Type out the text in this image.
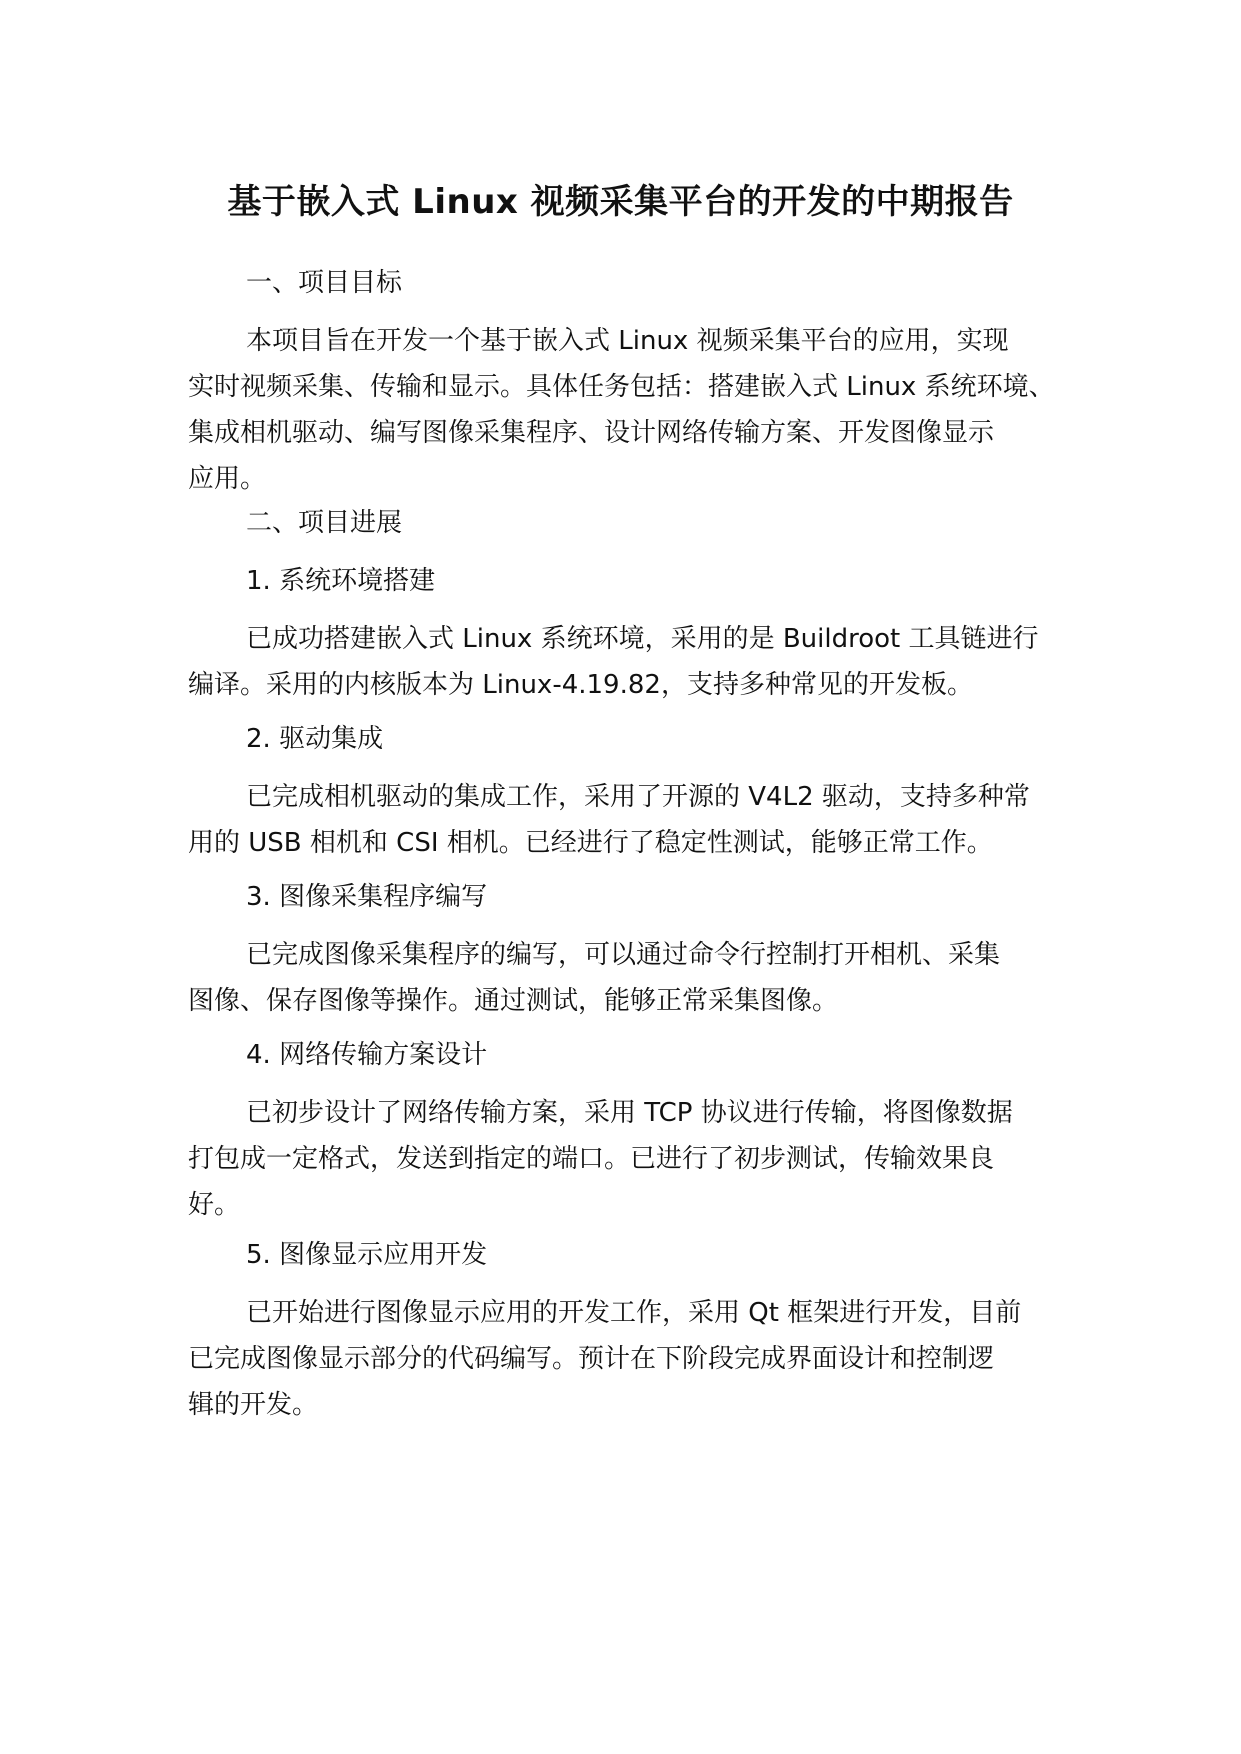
基于嵌入式 Linux 视频采集平台的开发的中期报告

一、项目目标

本项目旨在开发一个基于嵌入式 Linux 视频采集平台的应用，实现
实时视频采集、传输和显示。具体任务包括：搭建嵌入式 Linux 系统环境、
集成相机驱动、编写图像采集程序、设计网络传输方案、开发图像显示
应用。

二、项目进展

1. 系统环境搭建

已成功搭建嵌入式 Linux 系统环境，采用的是 Buildroot 工具链进行
编译。采用的内核版本为 Linux-4.19.82，支持多种常见的开发板。

2. 驱动集成

已完成相机驱动的集成工作，采用了开源的 V4L2 驱动，支持多种常
用的 USB 相机和 CSI 相机。已经进行了稳定性测试，能够正常工作。

3. 图像采集程序编写

已完成图像采集程序的编写，可以通过命令行控制打开相机、采集
图像、保存图像等操作。通过测试，能够正常采集图像。

4. 网络传输方案设计

已初步设计了网络传输方案，采用 TCP 协议进行传输，将图像数据
打包成一定格式，发送到指定的端口。已进行了初步测试，传输效果良
好。

5. 图像显示应用开发

已开始进行图像显示应用的开发工作，采用 Qt 框架进行开发，目前
已完成图像显示部分的代码编写。预计在下阶段完成界面设计和控制逻
辑的开发。
